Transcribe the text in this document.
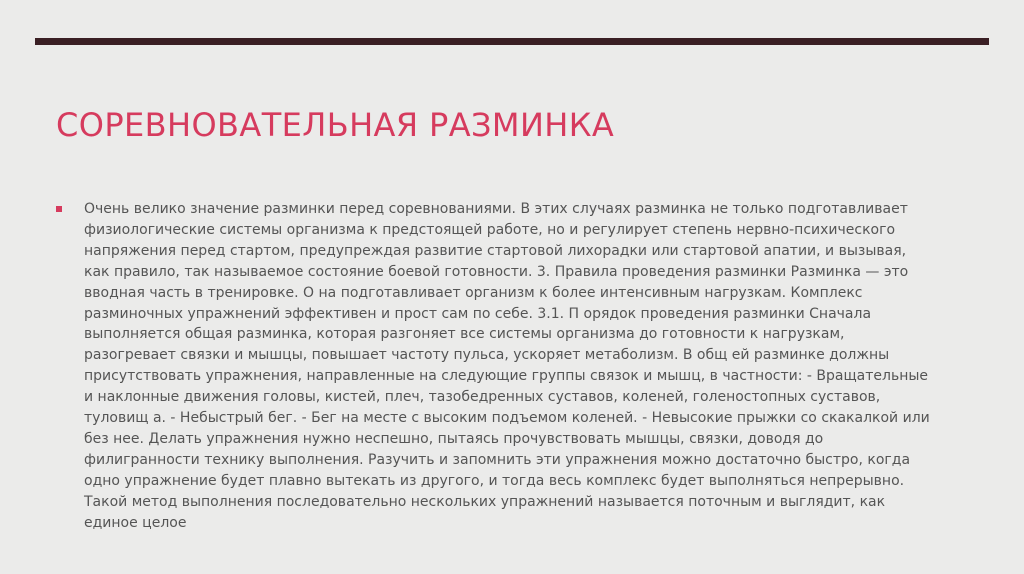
СОРЕВНОВАТЕЛЬНАЯ РАЗМИНКА

Очень велико значение разминки перед соревнованиями. В этих случаях разминка не только подготавливает физиологические системы организма к предстоящей работе, но и регулирует степень нервно-психического напряжения перед стартом, предупреждая развитие стартовой лихорадки или стартовой апатии, и вызывая, как правило, так называемое состояние боевой готовности. 3. Правила проведения разминки Разминка — это вводная часть в тренировке. О на подготавливает организм к более интенсивным нагрузкам. Комплекс разминочных упражнений эффективен и прост сам по себе. 3.1. П орядок проведения разминки Сначала выполняется общая разминка, которая разгоняет все системы организма до готовности к нагрузкам, разогревает связки и мышцы, повышает частоту пульса, ускоряет метаболизм. В общ ей разминке должны присутствовать упражнения, направленные на следующие группы связок и мышц, в частности: - Вращательные и наклонные движения головы, кистей, плеч, тазобедренных суставов, коленей, голеностопных суставов, туловищ а. - Небыстрый бег. - Бег на месте с высоким подъемом коленей. - Невысокие прыжки со скакалкой или без нее. Делать упражнения нужно неспешно, пытаясь прочувствовать мышцы, связки, доводя до филигранности технику выполнения. Разучить и запомнить эти упражнения можно достаточно быстро, когда одно упражнение будет плавно вытекать из другого, и тогда весь комплекс будет выполняться непрерывно. Такой метод выполнения последовательно нескольких упражнений называется поточным и выглядит, как единое целое
